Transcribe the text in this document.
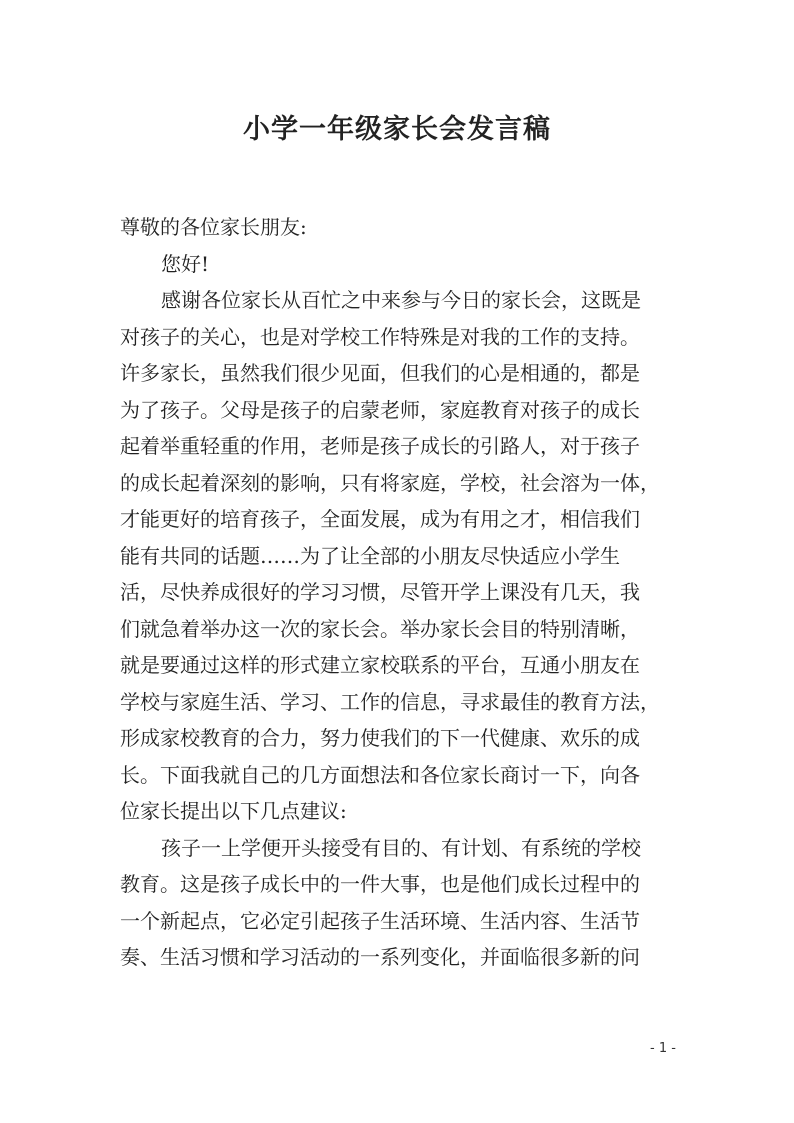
小学一年级家长会发言稿
尊敬的各位家长朋友:
您好!
感谢各位家长从百忙之中来参与今日的家长会，这既是
对孩子的关心，也是对学校工作特殊是对我的工作的支持。
许多家长，虽然我们很少见面，但我们的心是相通的，都是
为了孩子。父母是孩子的启蒙老师，家庭教育对孩子的成长
起着举重轻重的作用，老师是孩子成长的引路人，对于孩子
的成长起着深刻的影响，只有将家庭，学校，社会溶为一体，
才能更好的培育孩子，全面发展，成为有用之才，相信我们
能有共同的话题……为了让全部的小朋友尽快适应小学生
活，尽快养成很好的学习习惯，尽管开学上课没有几天，我
们就急着举办这一次的家长会。举办家长会目的特别清晰，
就是要通过这样的形式建立家校联系的平台，互通小朋友在
学校与家庭生活、学习、工作的信息，寻求最佳的教育方法，
形成家校教育的合力，努力使我们的下一代健康、欢乐的成
长。下面我就自己的几方面想法和各位家长商讨一下，向各
位家长提出以下几点建议:
孩子一上学便开头接受有目的、有计划、有系统的学校
教育。这是孩子成长中的一件大事，也是他们成长过程中的
一个新起点，它必定引起孩子生活环境、生活内容、生活节
奏、生活习惯和学习活动的一系列变化，并面临很多新的问
- 1 -
